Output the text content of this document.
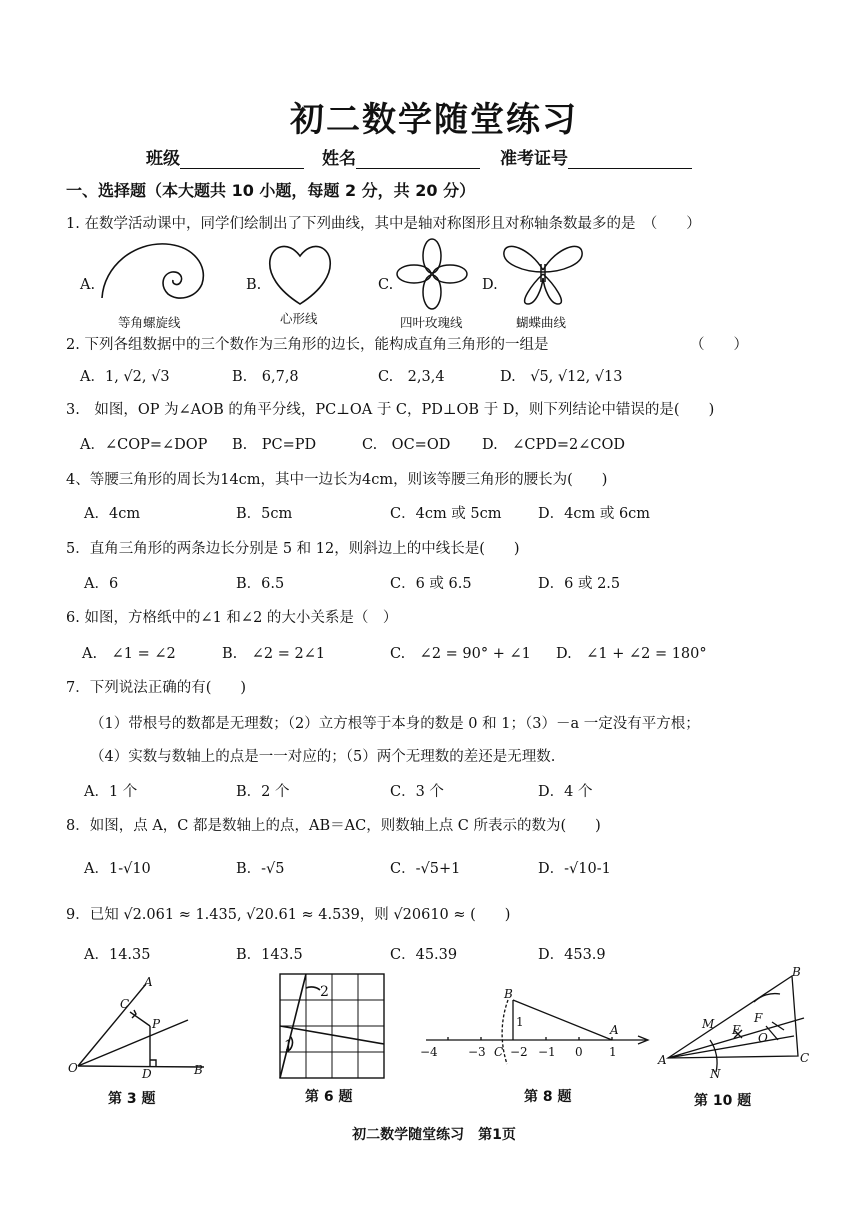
初二数学随堂练习
班级	姓名	准考证号
一、选择题（本大题共 10 小题，每题 2 分，共 20 分）
1. 在数学活动课中，同学们绘制出了下列曲线，其中是轴对称图形且对称轴条数最多的是　（　　）
A.	B.	C.	D.
等角螺旋线	心形线	四叶玫瑰线	蝴蝶曲线
2. 下列各组数据中的三个数作为三角形的边长，能构成直角三角形的一组是	（　　）
A．1, √2, √3	B.　6,7,8	C.　2,3,4	D.　√5, √12, √13
3.　如图，OP 为∠AOB 的角平分线，PC⊥OA 于 C，PD⊥OB 于 D，则下列结论中错误的是(　　)
A．∠COP=∠DOP B.　PC=PD	C.　OC=OD D.　∠CPD=2∠COD
4、等腰三角形的周长为14cm，其中一边长为4cm，则该等腰三角形的腰长为(　　)
A．4cm	B．5cm	C．4cm 或 5cm	D．4cm 或 6cm
5．直角三角形的两条边长分别是 5 和 12，则斜边上的中线长是(　　)
A．6	B．6.5	C．6 或 6.5	D．6 或 2.5
6. 如图，方格纸中的∠1 和∠2 的大小关系是（　）
A.　∠1 = ∠2	B.　∠2 = 2∠1	C.　∠2 = 90° + ∠1 D.　∠1 + ∠2 = 180°
7．下列说法正确的有(　　)
（1）带根号的数都是无理数；（2）立方根等于本身的数是 0 和 1；（3）－a 一定没有平方根；
（4）实数与数轴上的点是一一对应的；（5）两个无理数的差还是无理数.
A．1 个	B．2 个	C．3 个	D．4 个
8．如图，点 A，C 都是数轴上的点，AB＝AC，则数轴上点 C 所表示的数为(　　)
A．1-√10	B．-√5	C．-√5+1	D．-√10-1
9．已知 √2.061 ≈ 1.435, √20.61 ≈ 4.539，则 √20610 ≈ (　　)
A．14.35	B．143.5	C．45.39	D．453.9
A
C
P
O	D	B
第 3 题
2
1
第 6 题
B
A
C
1
−4	−3 −2 −1 0 1
第 8 题
B
M E
F
O
A
N
C
第 10 题
初二数学随堂练习　第1页
